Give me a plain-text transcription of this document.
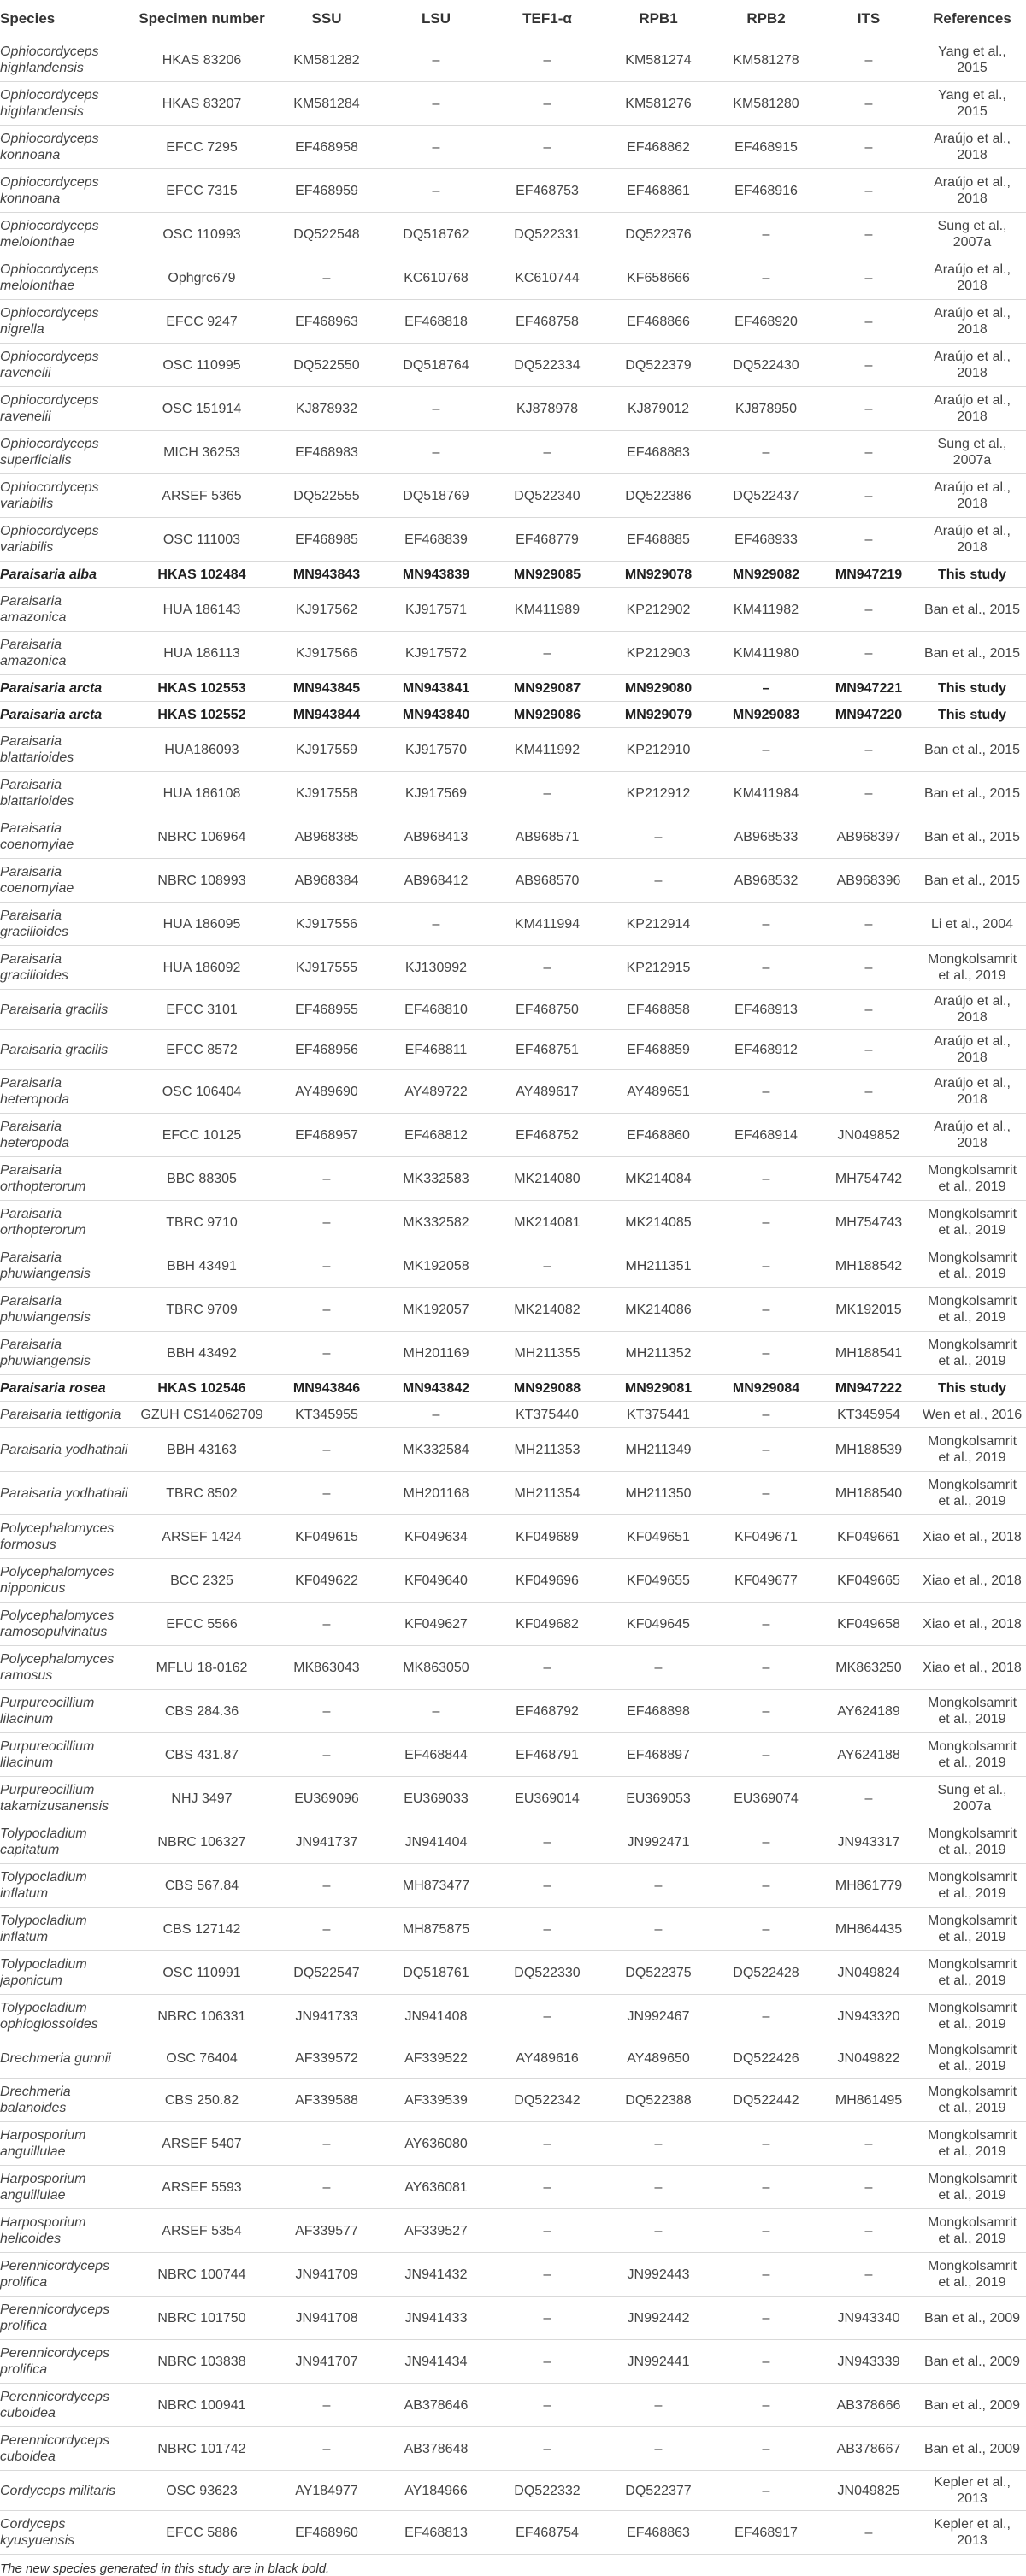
Species	Specimen number	SSU	LSU	TEF1-α	RPB1	RPB2	ITS	References
Ophiocordyceps highlandensis	HKAS 83206	KM581282	–	–	KM581274	KM581278	–	Yang et al., 2015
Ophiocordyceps highlandensis	HKAS 83207	KM581284	–	–	KM581276	KM581280	–	Yang et al., 2015
Ophiocordyceps konnoana	EFCC 7295	EF468958	–	–	EF468862	EF468915	–	Araújo et al., 2018
Ophiocordyceps konnoana	EFCC 7315	EF468959	–	EF468753	EF468861	EF468916	–	Araújo et al., 2018
Ophiocordyceps melolonthae	OSC 110993	DQ522548	DQ518762	DQ522331	DQ522376	–	–	Sung et al., 2007a
Ophiocordyceps melolonthae	Ophgrc679	–	KC610768	KC610744	KF658666	–	–	Araújo et al., 2018
Ophiocordyceps nigrella	EFCC 9247	EF468963	EF468818	EF468758	EF468866	EF468920	–	Araújo et al., 2018
Ophiocordyceps ravenelii	OSC 110995	DQ522550	DQ518764	DQ522334	DQ522379	DQ522430	–	Araújo et al., 2018
Ophiocordyceps ravenelii	OSC 151914	KJ878932	–	KJ878978	KJ879012	KJ878950	–	Araújo et al., 2018
Ophiocordyceps superficialis	MICH 36253	EF468983	–	–	EF468883	–	–	Sung et al., 2007a
Ophiocordyceps variabilis	ARSEF 5365	DQ522555	DQ518769	DQ522340	DQ522386	DQ522437	–	Araújo et al., 2018
Ophiocordyceps variabilis	OSC 111003	EF468985	EF468839	EF468779	EF468885	EF468933	–	Araújo et al., 2018
Paraisaria alba	HKAS 102484	MN943843	MN943839	MN929085	MN929078	MN929082	MN947219	This study
Paraisaria amazonica	HUA 186143	KJ917562	KJ917571	KM411989	KP212902	KM411982	–	Ban et al., 2015
Paraisaria amazonica	HUA 186113	KJ917566	KJ917572	–	KP212903	KM411980	–	Ban et al., 2015
Paraisaria arcta	HKAS 102553	MN943845	MN943841	MN929087	MN929080	–	MN947221	This study
Paraisaria arcta	HKAS 102552	MN943844	MN943840	MN929086	MN929079	MN929083	MN947220	This study
Paraisaria blattarioides	HUA186093	KJ917559	KJ917570	KM411992	KP212910	–	–	Ban et al., 2015
Paraisaria blattarioides	HUA 186108	KJ917558	KJ917569	–	KP212912	KM411984	–	Ban et al., 2015
Paraisaria coenomyiae	NBRC 106964	AB968385	AB968413	AB968571	–	AB968533	AB968397	Ban et al., 2015
Paraisaria coenomyiae	NBRC 108993	AB968384	AB968412	AB968570	–	AB968532	AB968396	Ban et al., 2015
Paraisaria gracilioides	HUA 186095	KJ917556	–	KM411994	KP212914	–	–	Li et al., 2004
Paraisaria gracilioides	HUA 186092	KJ917555	KJ130992	–	KP212915	–	–	Mongkolsamrit et al., 2019
Paraisaria gracilis	EFCC 3101	EF468955	EF468810	EF468750	EF468858	EF468913	–	Araújo et al., 2018
Paraisaria gracilis	EFCC 8572	EF468956	EF468811	EF468751	EF468859	EF468912	–	Araújo et al., 2018
Paraisaria heteropoda	OSC 106404	AY489690	AY489722	AY489617	AY489651	–	–	Araújo et al., 2018
Paraisaria heteropoda	EFCC 10125	EF468957	EF468812	EF468752	EF468860	EF468914	JN049852	Araújo et al., 2018
Paraisaria orthopterorum	BBC 88305	–	MK332583	MK214080	MK214084	–	MH754742	Mongkolsamrit et al., 2019
Paraisaria orthopterorum	TBRC 9710	–	MK332582	MK214081	MK214085	–	MH754743	Mongkolsamrit et al., 2019
Paraisaria phuwiangensis	BBH 43491	–	MK192058	–	MH211351	–	MH188542	Mongkolsamrit et al., 2019
Paraisaria phuwiangensis	TBRC 9709	–	MK192057	MK214082	MK214086	–	MK192015	Mongkolsamrit et al., 2019
Paraisaria phuwiangensis	BBH 43492	–	MH201169	MH211355	MH211352	–	MH188541	Mongkolsamrit et al., 2019
Paraisaria rosea	HKAS 102546	MN943846	MN943842	MN929088	MN929081	MN929084	MN947222	This study
Paraisaria tettigonia	GZUH CS14062709	KT345955	–	KT375440	KT375441	–	KT345954	Wen et al., 2016
Paraisaria yodhathaii	BBH 43163	–	MK332584	MH211353	MH211349	–	MH188539	Mongkolsamrit et al., 2019
Paraisaria yodhathaii	TBRC 8502	–	MH201168	MH211354	MH211350	–	MH188540	Mongkolsamrit et al., 2019
Polycephalomyces formosus	ARSEF 1424	KF049615	KF049634	KF049689	KF049651	KF049671	KF049661	Xiao et al., 2018
Polycephalomyces nipponicus	BCC 2325	KF049622	KF049640	KF049696	KF049655	KF049677	KF049665	Xiao et al., 2018
Polycephalomyces ramosopulvinatus	EFCC 5566	–	KF049627	KF049682	KF049645	–	KF049658	Xiao et al., 2018
Polycephalomyces ramosus	MFLU 18-0162	MK863043	MK863050	–	–	–	MK863250	Xiao et al., 2018
Purpureocillium lilacinum	CBS 284.36	–	–	EF468792	EF468898	–	AY624189	Mongkolsamrit et al., 2019
Purpureocillium lilacinum	CBS 431.87	–	EF468844	EF468791	EF468897	–	AY624188	Mongkolsamrit et al., 2019
Purpureocillium takamizusanensis	NHJ 3497	EU369096	EU369033	EU369014	EU369053	EU369074	–	Sung et al., 2007a
Tolypocladium capitatum	NBRC 106327	JN941737	JN941404	–	JN992471	–	JN943317	Mongkolsamrit et al., 2019
Tolypocladium inflatum	CBS 567.84	–	MH873477	–	–	–	MH861779	Mongkolsamrit et al., 2019
Tolypocladium inflatum	CBS 127142	–	MH875875	–	–	–	MH864435	Mongkolsamrit et al., 2019
Tolypocladium japonicum	OSC 110991	DQ522547	DQ518761	DQ522330	DQ522375	DQ522428	JN049824	Mongkolsamrit et al., 2019
Tolypocladium ophioglossoides	NBRC 106331	JN941733	JN941408	–	JN992467	–	JN943320	Mongkolsamrit et al., 2019
Drechmeria gunnii	OSC 76404	AF339572	AF339522	AY489616	AY489650	DQ522426	JN049822	Mongkolsamrit et al., 2019
Drechmeria balanoides	CBS 250.82	AF339588	AF339539	DQ522342	DQ522388	DQ522442	MH861495	Mongkolsamrit et al., 2019
Harposporium anguillulae	ARSEF 5407	–	AY636080	–	–	–	–	Mongkolsamrit et al., 2019
Harposporium anguillulae	ARSEF 5593	–	AY636081	–	–	–	–	Mongkolsamrit et al., 2019
Harposporium helicoides	ARSEF 5354	AF339577	AF339527	–	–	–	–	Mongkolsamrit et al., 2019
Perennicordyceps prolifica	NBRC 100744	JN941709	JN941432	–	JN992443	–	–	Mongkolsamrit et al., 2019
Perennicordyceps prolifica	NBRC 101750	JN941708	JN941433	–	JN992442	–	JN943340	Ban et al., 2009
Perennicordyceps prolifica	NBRC 103838	JN941707	JN941434	–	JN992441	–	JN943339	Ban et al., 2009
Perennicordyceps cuboidea	NBRC 100941	–	AB378646	–	–	–	AB378666	Ban et al., 2009
Perennicordyceps cuboidea	NBRC 101742	–	AB378648	–	–	–	AB378667	Ban et al., 2009
Cordyceps militaris	OSC 93623	AY184977	AY184966	DQ522332	DQ522377	–	JN049825	Kepler et al., 2013
Cordyceps kyusyuensis	EFCC 5886	EF468960	EF468813	EF468754	EF468863	EF468917	–	Kepler et al., 2013
The new species generated in this study are in black bold.
